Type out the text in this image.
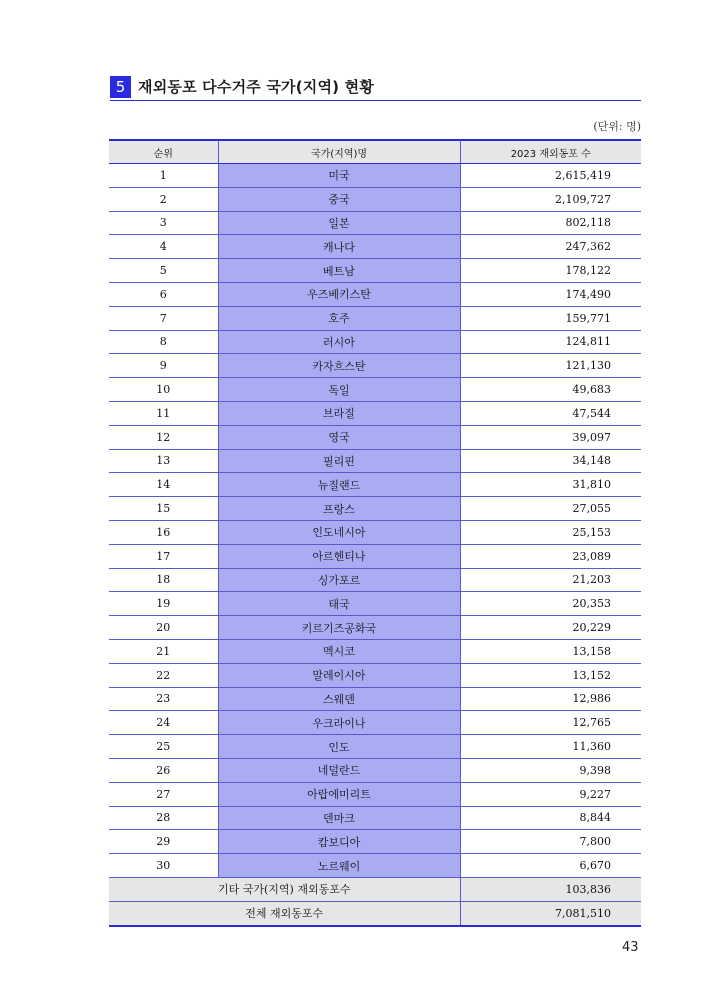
5 재외동포 다수거주 국가(지역) 현황
(단위: 명)
순위	국가(지역)명	2023 재외동포 수
1	미국	2,615,419
2	중국	2,109,727
3	일본	802,118
4	캐나다	247,362
5	베트남	178,122
6	우즈베키스탄	174,490
7	호주	159,771
8	러시아	124,811
9	카자흐스탄	121,130
10	독일	49,683
11	브라질	47,544
12	영국	39,097
13	필리핀	34,148
14	뉴질랜드	31,810
15	프랑스	27,055
16	인도네시아	25,153
17	아르헨티나	23,089
18	싱가포르	21,203
19	태국	20,353
20	키르기즈공화국	20,229
21	멕시코	13,158
22	말레이시아	13,152
23	스웨덴	12,986
24	우크라이나	12,765
25	인도	11,360
26	네덜란드	9,398
27	아랍에미리트	9,227
28	덴마크	8,844
29	캄보디아	7,800
30	노르웨이	6,670
기타 국가(지역) 재외동포수		103,836
전체 재외동포수		7,081,510
43
